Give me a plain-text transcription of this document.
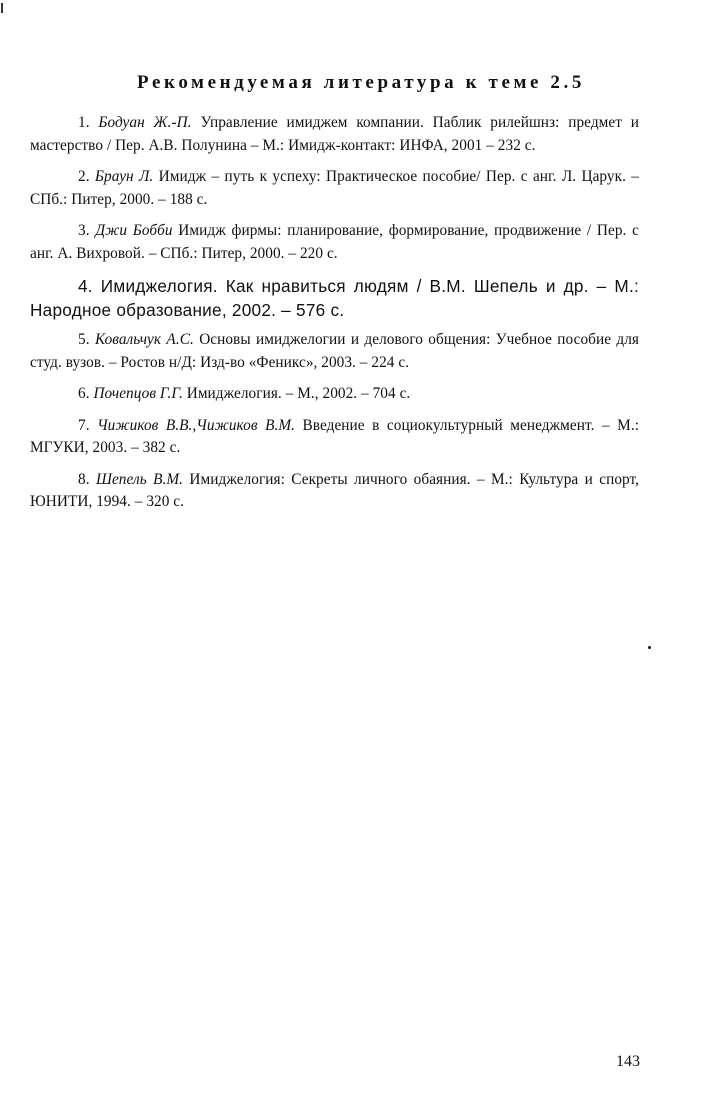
Рекомендуемая литература к теме 2.5

1. Бодуан Ж.-П. Управление имиджем компании. Паблик рилейшнз: предмет и мастерство / Пер. А.В. Полунина – М.: Имидж-контакт: ИНФА, 2001 – 232 с.

2. Браун Л. Имидж – путь к успеху: Практическое пособие/ Пер. с анг. Л. Царук. – СПб.: Питер, 2000. – 188 с.

3. Джи Бобби Имидж фирмы: планирование, формирование, продвижение / Пер. с анг. А. Вихровой. – СПб.: Питер, 2000. – 220 с.

4. Имиджелогия. Как нравиться людям / В.М. Шепель и др. – М.: Народное образование, 2002. – 576 с.

5. Ковальчук А.С. Основы имиджелогии и делового общения: Учебное пособие для студ. вузов. – Ростов н/Д: Изд-во «Феникс», 2003. – 224 с.

6. Почепцов Г.Г. Имиджелогия. – М., 2002. – 704 с.

7. Чижиков В.В.,Чижиков В.М. Введение в социокультурный менеджмент. – М.: МГУКИ, 2003. – 382 с.

8. Шепель В.М. Имиджелогия: Секреты личного обаяния. – М.: Культура и спорт, ЮНИТИ, 1994. – 320 с.

143
